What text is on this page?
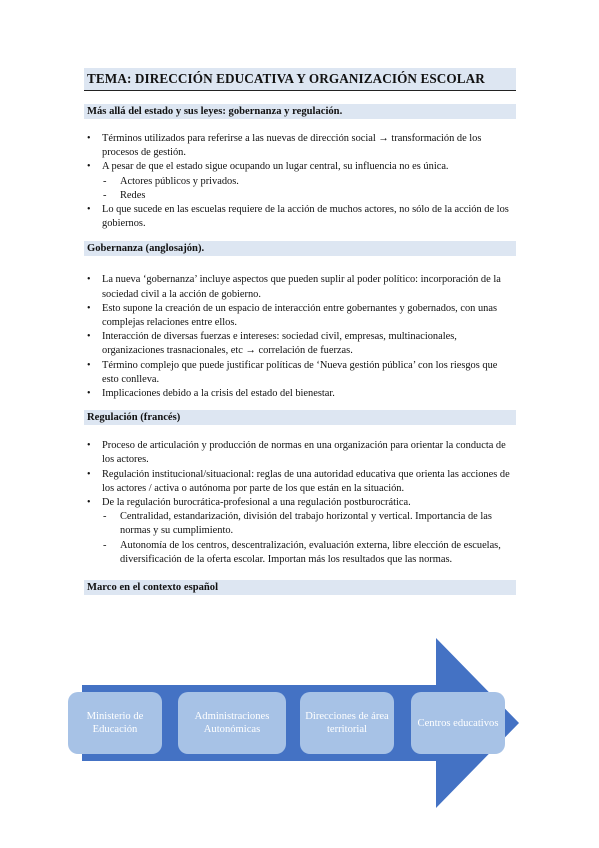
TEMA: DIRECCIÓN EDUCATIVA Y ORGANIZACIÓN ESCOLAR
Más allá del estado y sus leyes: gobernanza y regulación.
• Términos utilizados para referirse a las nuevas de dirección social → transformación de los procesos de gestión.
• A pesar de que el estado sigue ocupando un lugar central, su influencia no es única.
- Actores públicos y privados.
- Redes
• Lo que sucede en las escuelas requiere de la acción de muchos actores, no sólo de la acción de los gobiernos.
Gobernanza (anglosajón).
• La nueva ‘gobernanza’ incluye aspectos que pueden suplir al poder político: incorporación de la sociedad civil a la acción de gobierno.
• Esto supone la creación de un espacio de interacción entre gobernantes y gobernados, con unas complejas relaciones entre ellos.
• Interacción de diversas fuerzas e intereses: sociedad civil, empresas, multinacionales, organizaciones trasnacionales, etc → correlación de fuerzas.
• Término complejo que puede justificar políticas de ‘Nueva gestión pública’ con los riesgos que esto conlleva.
• Implicaciones debido a la crisis del estado del bienestar.
Regulación (francés)
• Proceso de articulación y producción de normas en una organización para orientar la conducta de los actores.
• Regulación institucional/situacional: reglas de una autoridad educativa que orienta las acciones de los actores / activa o autónoma por parte de los que están en la situación.
• De la regulación burocrática-profesional a una regulación postburocrática.
- Centralidad, estandarización, división del trabajo horizontal y vertical. Importancia de las normas y su cumplimiento.
- Autonomía de los centros, descentralización, evaluación externa, libre elección de escuelas, diversificación de la oferta escolar. Importan más los resultados que las normas.
Marco en el contexto español
Ministerio de Educación
Administraciones Autonómicas
Direcciones de área territorial
Centros educativos
